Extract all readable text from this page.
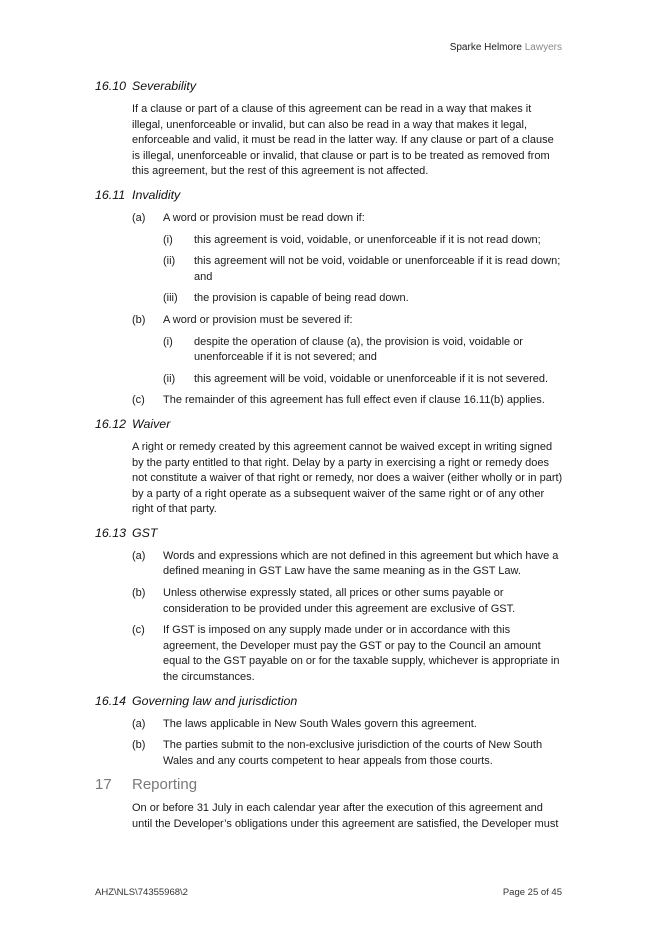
Sparke Helmore Lawyers
16.10 Severability
If a clause or part of a clause of this agreement can be read in a way that makes it illegal, unenforceable or invalid, but can also be read in a way that makes it legal, enforceable and valid, it must be read in the latter way. If any clause or part of a clause is illegal, unenforceable or invalid, that clause or part is to be treated as removed from this agreement, but the rest of this agreement is not affected.
16.11 Invalidity
(a)	A word or provision must be read down if:
(i)	this agreement is void, voidable, or unenforceable if it is not read down;
(ii)	this agreement will not be void, voidable or unenforceable if it is read down; and
(iii)	the provision is capable of being read down.
(b)	A word or provision must be severed if:
(i)	despite the operation of clause (a), the provision is void, voidable or unenforceable if it is not severed; and
(ii)	this agreement will be void, voidable or unenforceable if it is not severed.
(c)	The remainder of this agreement has full effect even if clause 16.11(b) applies.
16.12 Waiver
A right or remedy created by this agreement cannot be waived except in writing signed by the party entitled to that right. Delay by a party in exercising a right or remedy does not constitute a waiver of that right or remedy, nor does a waiver (either wholly or in part) by a party of a right operate as a subsequent waiver of the same right or of any other right of that party.
16.13 GST
(a)	Words and expressions which are not defined in this agreement but which have a defined meaning in GST Law have the same meaning as in the GST Law.
(b)	Unless otherwise expressly stated, all prices or other sums payable or consideration to be provided under this agreement are exclusive of GST.
(c)	If GST is imposed on any supply made under or in accordance with this agreement, the Developer must pay the GST or pay to the Council an amount equal to the GST payable on or for the taxable supply, whichever is appropriate in the circumstances.
16.14 Governing law and jurisdiction
(a)	The laws applicable in New South Wales govern this agreement.
(b)	The parties submit to the non-exclusive jurisdiction of the courts of New South Wales and any courts competent to hear appeals from those courts.
17	Reporting
On or before 31 July in each calendar year after the execution of this agreement and until the Developer’s obligations under this agreement are satisfied, the Developer must
AHZ\NLS\74355968\2	Page 25 of 45
